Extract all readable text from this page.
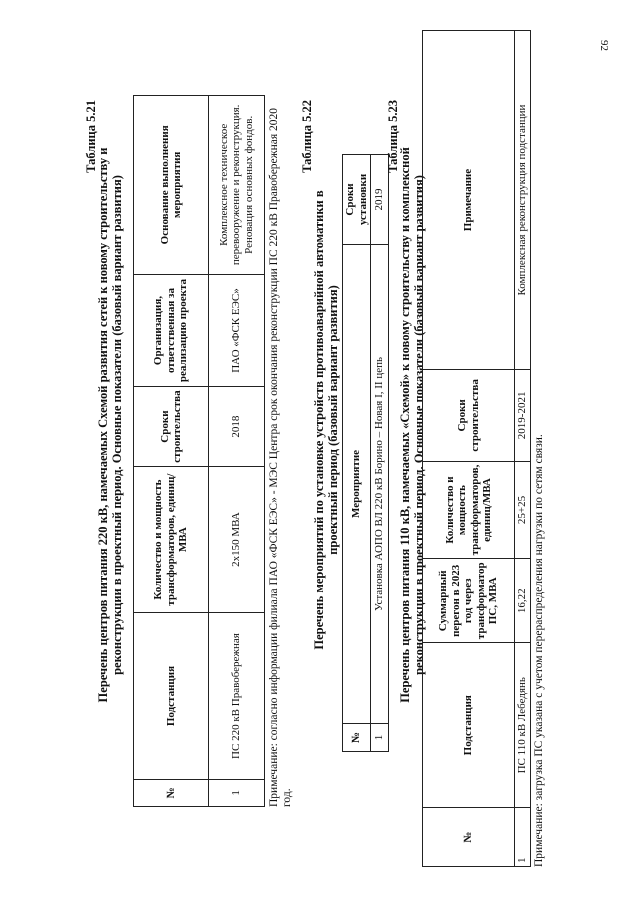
92
Таблица 5.21
Перечень центров питания 220 кВ, намечаемых Схемой развития сетей к новому строительству и реконструкции в проектный период. Основные показатели (базовый вариант развития)
№	Подстанция	Количество и мощность трансформаторов, единиц/МВА	Сроки строительства	Организация, ответственная за реализацию проекта	Основание выполнения мероприятия
1	ПС 220 кВ Правобережная	2х150 МВА	2018	ПАО «ФСК ЕЭС»	Комплексное техническое перевооружение и реконструкция. Реновация основных фондов. Примечание: согласно информации филиала ПАО «ФСК ЕЭС» - МЭС Центра срок окончания реконструкции ПС 220 кВ Правобережная 2020 год.
Таблица 5.22
Перечень мероприятий по установке устройств противоаварийной автоматики в проектный период (базовый вариант развития)
№	Мероприятие	Сроки установки
1	Установка АОПО ВЛ 220 кВ Борино – Новая I, II цепь	2019
Таблица 5.23
Перечень центров питания 110 кВ, намечаемых «Схемой» к новому строительству и комплексной реконструкции в проектный период. Основные показатели (базовый вариант развития)
№	Подстанция	Суммарный перегон в 2023 год через трансформатор ПС, МВА	Количество и мощность трансформаторов, единиц/МВА	Сроки строительства	Примечание
1	ПС 110 кВ Лебедянь	16,22	25+25	2019-2021	Комплексная реконструкция подстанции
Примечание: загрузка ПС указана с учетом перераспределения нагрузки по сетям связи.
